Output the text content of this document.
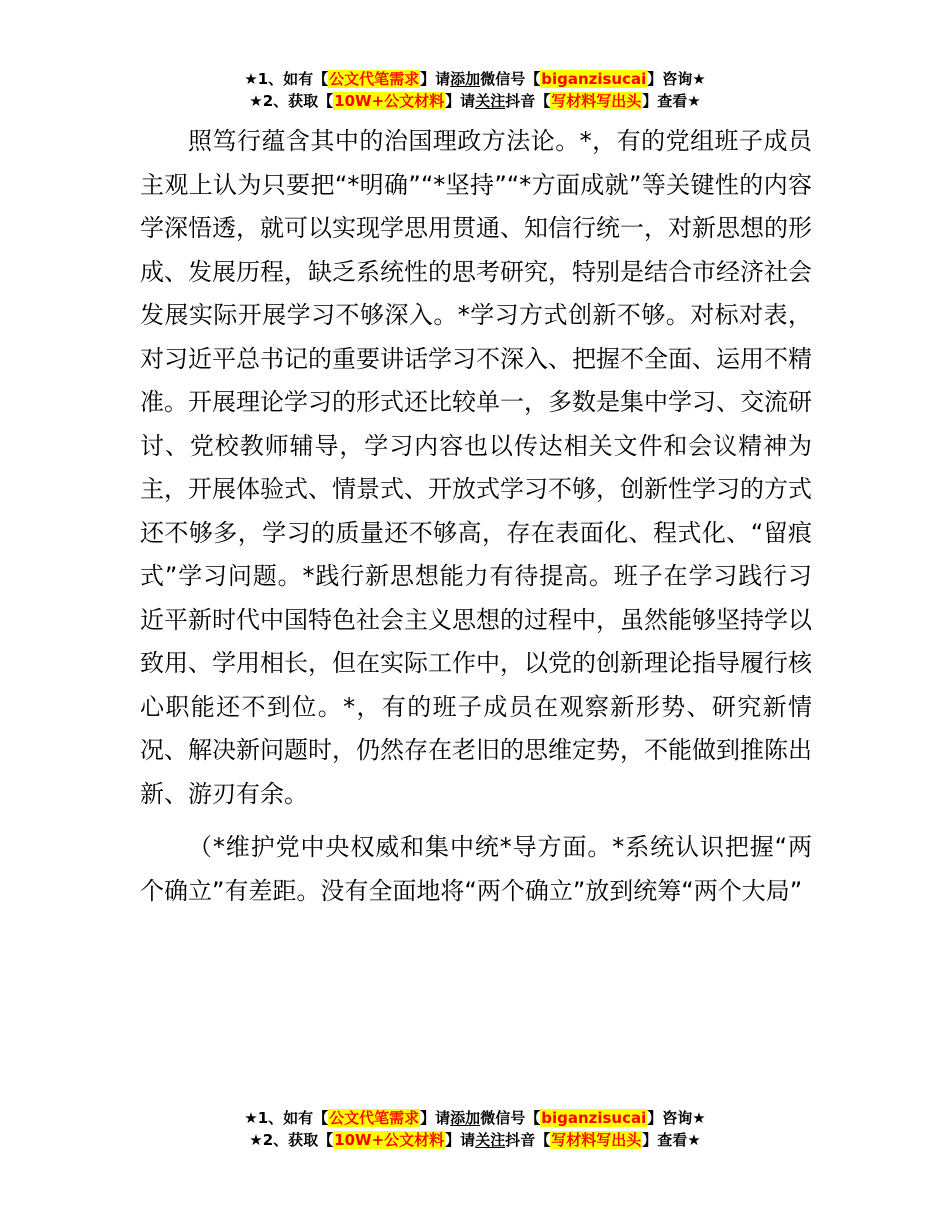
★1、如有【公文代笔需求】请添加微信号【biganzisucai】咨询★
★2、获取【10W+公文材料】请关注抖音【写材料写出头】查看★

照笃行蕴含其中的治国理政方法论。*，有的党组班子成员主观上认为只要把“*明确”“*坚持”“*方面成就”等关键性的内容学深悟透，就可以实现学思用贯通、知信行统一，对新思想的形成、发展历程，缺乏系统性的思考研究，特别是结合市经济社会发展实际开展学习不够深入。*学习方式创新不够。对标对表，对习近平总书记的重要讲话学习不深入、把握不全面、运用不精准。开展理论学习的形式还比较单一，多数是集中学习、交流研讨、党校教师辅导，学习内容也以传达相关文件和会议精神为主，开展体验式、情景式、开放式学习不够，创新性学习的方式还不够多，学习的质量还不够高，存在表面化、程式化、“留痕式”学习问题。*践行新思想能力有待提高。班子在学习践行习近平新时代中国特色社会主义思想的过程中，虽然能够坚持学以致用、学用相长，但在实际工作中，以党的创新理论指导履行核心职能还不到位。*，有的班子成员在观察新形势、研究新情况、解决新问题时，仍然存在老旧的思维定势，不能做到推陈出新、游刃有余。

（*维护党中央权威和集中统*导方面。*系统认识把握“两个确立”有差距。没有全面地将“两个确立”放到统筹“两个大局”

★1、如有【公文代笔需求】请添加微信号【biganzisucai】咨询★
★2、获取【10W+公文材料】请关注抖音【写材料写出头】查看★
